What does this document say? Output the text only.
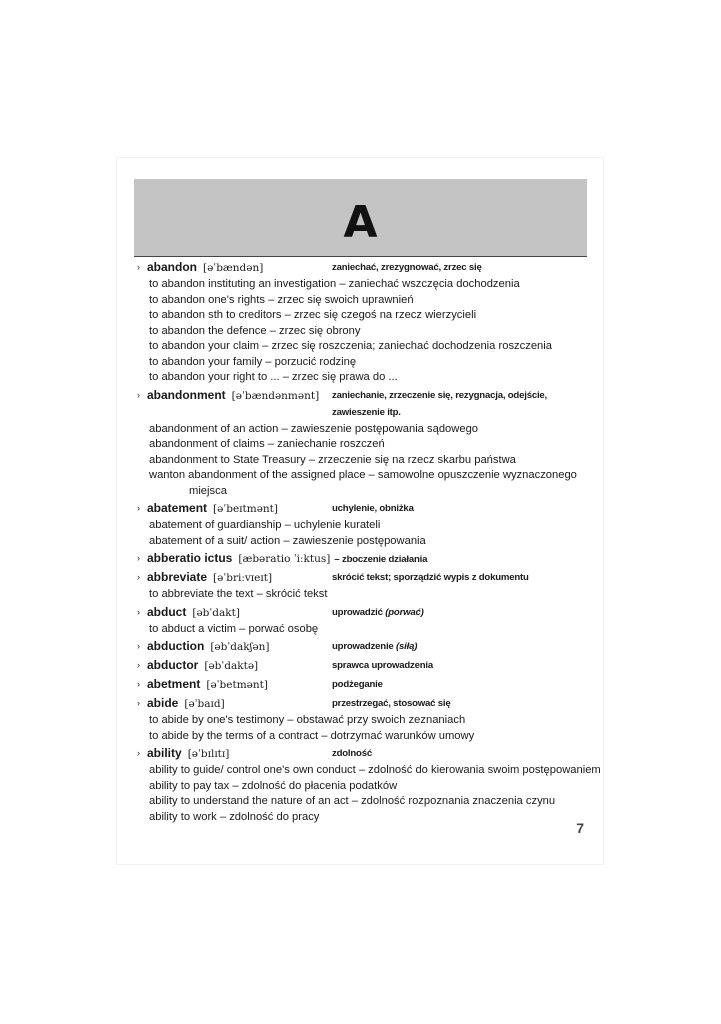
A
› abandon [əˈbændən]	zaniechać, zrezygnować, zrzec się
to abandon instituting an investigation – zaniechać wszczęcia dochodzenia
to abandon one's rights – zrzec się swoich uprawnień
to abandon sth to creditors – zrzec się czegoś na rzecz wierzycieli
to abandon the defence – zrzec się obrony
to abandon your claim – zrzec się roszczenia; zaniechać dochodzenia roszczenia
to abandon your family – porzucić rodzinę
to abandon your right to ... – zrzec się prawa do ...
› abandonment [əˈbændənmənt] zaniechanie, zrzeczenie się, rezygnacja, odejście, zawieszenie itp.
abandonment of an action – zawieszenie postępowania sądowego
abandonment of claims – zaniechanie roszczeń
abandonment to State Treasury – zrzeczenie się na rzecz skarbu państwa
wanton abandonment of the assigned place – samowolne opuszczenie wyznaczonego miejsca
› abatement [əˈbeɪtmənt]	uchylenie, obniżka
abatement of guardianship – uchylenie kurateli
abatement of a suit/ action – zawieszenie postępowania
› abberatio ictus [æbəratio ˈiːktus] – zboczenie działania
› abbreviate [əˈbriːvɪeɪt]	skrócić tekst; sporządzić wypis z dokumentu
to abbreviate the text – skrócić tekst
› abduct [əbˈdakt]	uprowadzić (porwać)
to abduct a victim – porwać osobę
› abduction [əbˈdakʃən]	uprowadzenie (siłą)
› abductor [əbˈdaktə]	sprawca uprowadzenia
› abetment [əˈbetmənt]	podżeganie
› abide [əˈbaɪd]	przestrzegać, stosować się
to abide by one's testimony – obstawać przy swoich zeznaniach
to abide by the terms of a contract – dotrzymać warunków umowy
› ability [əˈbɪlɪtɪ]	zdolność
ability to guide/ control one's own conduct – zdolność do kierowania swoim postępowaniem
ability to pay tax – zdolność do płacenia podatków
ability to understand the nature of an act – zdolność rozpoznania znaczenia czynu
ability to work – zdolność do pracy
7
